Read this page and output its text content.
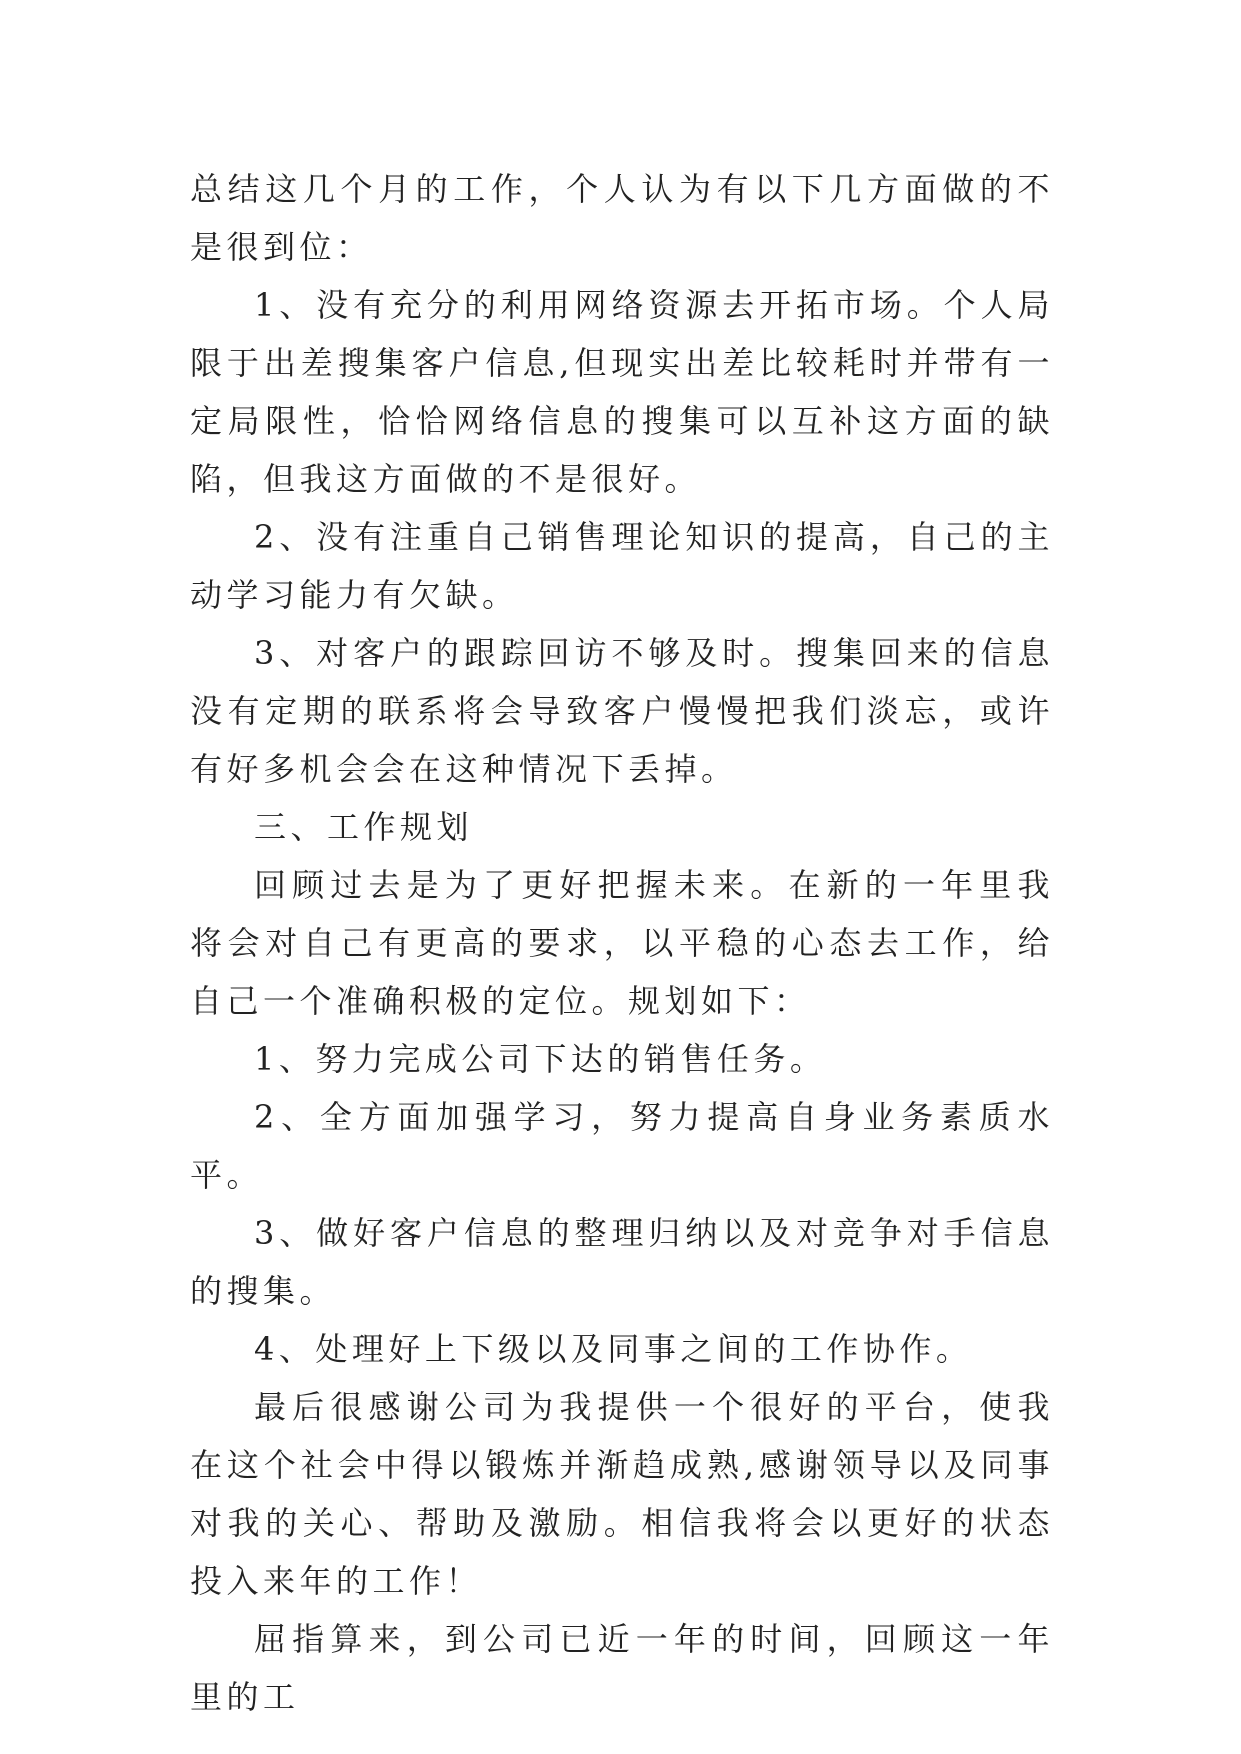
总结这几个月的工作，个人认为有以下几方面做的不是很到位：

1、没有充分的利用网络资源去开拓市场。个人局限于出差搜集客户信息,但现实出差比较耗时并带有一定局限性，恰恰网络信息的搜集可以互补这方面的缺陷，但我这方面做的不是很好。

2、没有注重自己销售理论知识的提高，自己的主动学习能力有欠缺。

3、对客户的跟踪回访不够及时。搜集回来的信息没有定期的联系将会导致客户慢慢把我们淡忘，或许有好多机会会在这种情况下丢掉。

三、工作规划

回顾过去是为了更好把握未来。在新的一年里我将会对自己有更高的要求，以平稳的心态去工作，给自己一个准确积极的定位。规划如下：

1、努力完成公司下达的销售任务。

2、全方面加强学习，努力提高自身业务素质水平。

3、做好客户信息的整理归纳以及对竞争对手信息的搜集。

4、处理好上下级以及同事之间的工作协作。

最后很感谢公司为我提供一个很好的平台，使我在这个社会中得以锻炼并渐趋成熟,感谢领导以及同事对我的关心、帮助及激励。相信我将会以更好的状态投入来年的工作！

屈指算来，到公司已近一年的时间，回顾这一年里的工
